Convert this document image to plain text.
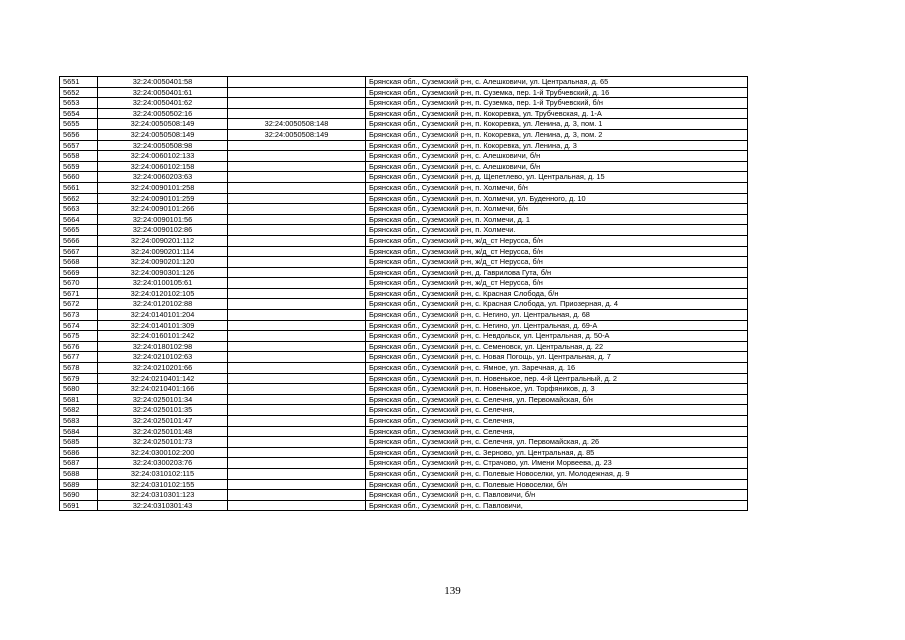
5651	32:24:0050401:58		Брянская обл., Суземский р-н, с. Алешковичи, ул. Центральная, д. 65
5652	32:24:0050401:61		Брянская обл., Суземский р-н, п. Суземка, пер. 1-й Трубчевский, д. 16
5653	32:24:0050401:62		Брянская обл., Суземский р-н, п. Суземка, пер. 1-й Трубчевский, б/н
5654	32:24:0050502:16		Брянская обл., Суземский р-н, п. Кокоревка, ул. Трубчевская, д. 1-А
5655	32:24:0050508:149	32:24:0050508:148	Брянская обл., Суземский р-н, п. Кокоревка, ул. Ленина, д. 3, пом. 1
5656	32:24:0050508:149	32:24:0050508:149	Брянская обл., Суземский р-н, п. Кокоревка, ул. Ленина, д. 3, пом. 2
5657	32:24:0050508:98		Брянская обл., Суземский р-н, п. Кокоревка, ул. Ленина, д. 3
5658	32:24:0060102:133		Брянская обл., Суземский р-н, с. Алешковичи, б/н
5659	32:24:0060102:158		Брянская обл., Суземский р-н, с. Алешковичи, б/н
5660	32:24:0060203:63		Брянская обл., Суземский р-н, д. Щепетлево, ул. Центральная, д. 15
5661	32:24:0090101:258		Брянская обл., Суземский р-н, п. Холмечи, б/н
5662	32:24:0090101:259		Брянская обл., Суземский р-н, п. Холмечи, ул. Буденного, д. 10
5663	32:24:0090101:266		Брянская обл., Суземский р-н, п. Холмечи, б/н
5664	32:24:0090101:56		Брянская обл., Суземский р-н, п. Холмечи, д. 1
5665	32:24:0090102:86		Брянская обл., Суземский р-н, п. Холмечи.
5666	32:24:0090201:112		Брянская обл., Суземский р-н, ж/д_ст Нерусса, б/н
5667	32:24:0090201:114		Брянская обл., Суземский р-н, ж/д_ст Нерусса, б/н
5668	32:24:0090201:120		Брянская обл., Суземский р-н, ж/д_ст Нерусса, б/н
5669	32:24:0090301:126		Брянская обл., Суземский р-н, д. Гаврилова Гута, б/н
5670	32:24:0100105:61		Брянская обл., Суземский р-н, ж/д_ст Нерусса, б/н
5671	32:24:0120102:105		Брянская обл., Суземский р-н, с. Красная Слобода, б/н
5672	32:24:0120102:88		Брянская обл., Суземский р-н, с. Красная Слобода, ул. Приозерная, д. 4
5673	32:24:0140101:204		Брянская обл., Суземский р-н, с. Негино, ул. Центральная, д. 68
5674	32:24:0140101:309		Брянская обл., Суземский р-н, с. Негино, ул. Центральная, д. 69-А
5675	32:24:0160101:242		Брянская обл., Суземский р-н, с. Невдольск, ул. Центральная, д. 50-А
5676	32:24:0180102:98		Брянская обл., Суземский р-н, с. Семеновск, ул. Центральная, д. 22
5677	32:24:0210102:63		Брянская обл., Суземский р-н, с. Новая Погощь, ул. Центральная, д. 7
5678	32:24:0210201:66		Брянская обл., Суземский р-н, с. Ямное, ул. Заречная, д. 16
5679	32:24:0210401:142		Брянская обл., Суземский р-н, п. Новенькое, пер. 4-й Центральный, д. 2
5680	32:24:0210401:166		Брянская обл., Суземский р-н, п. Новенькое, ул. Торфяников, д. 3
5681	32:24:0250101:34		Брянская обл., Суземский р-н, с. Селечня, ул. Первомайская, б/н
5682	32:24:0250101:35		Брянская обл., Суземский р-н, с. Селечня,
5683	32:24:0250101:47		Брянская обл., Суземский р-н, с. Селечня,
5684	32:24:0250101:48		Брянская обл., Суземский р-н, с. Селечня,
5685	32:24:0250101:73		Брянская обл., Суземский р-н, с. Селечня, ул. Первомайская, д. 26
5686	32:24:0300102:200		Брянская обл., Суземский р-н, с. Зерново, ул. Центральная, д. 85
5687	32:24:0300203:76		Брянская обл., Суземский р-н, с. Страчово, ул. Имени Морвеева, д. 23
5688	32:24:0310102:115		Брянская обл., Суземский р-н, с. Полевые Новоселки, ул. Молодежная, д. 9
5689	32:24:0310102:155		Брянская обл., Суземский р-н, с. Полевые Новоселки, б/н
5690	32:24:0310301:123		Брянская обл., Суземский р-н, с. Павловичи, б/н
5691	32:24:0310301:43		Брянская обл., Суземский р-н, с. Павловичи,
139
